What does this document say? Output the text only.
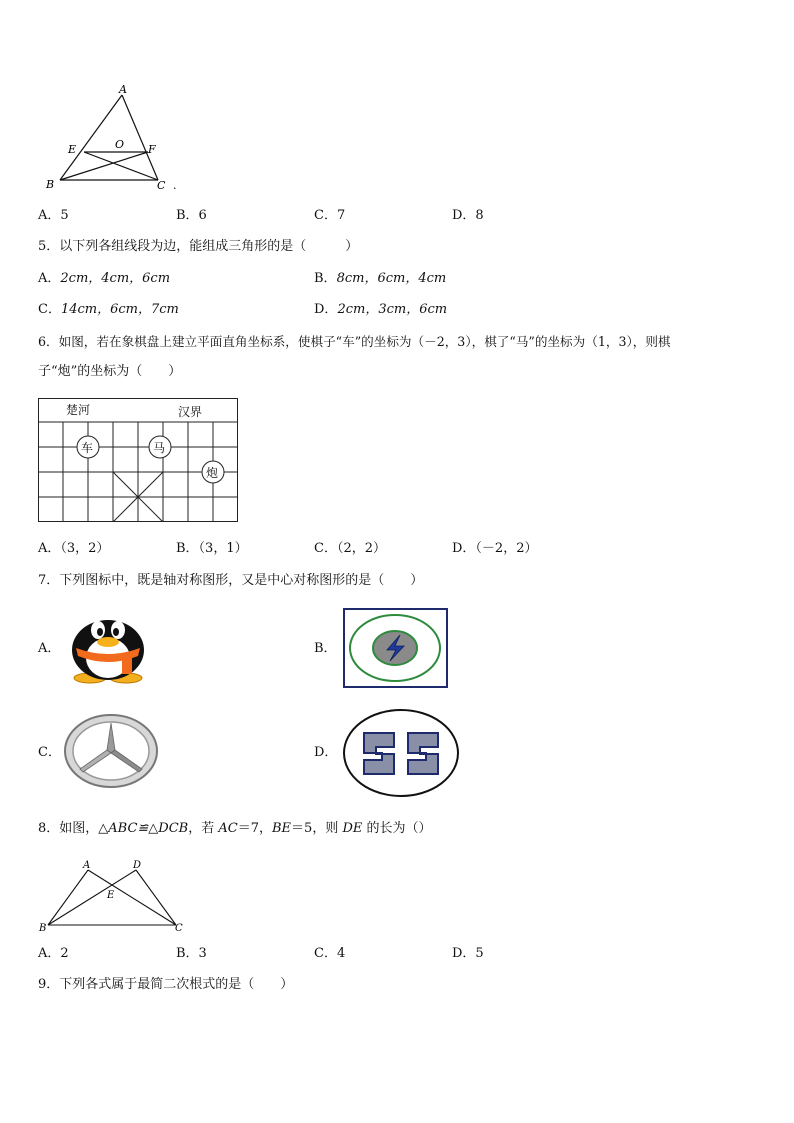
A
E	O F
B	C .
A．5	B．6	C．7	D．8
5．以下列各组线段为边，能组成三角形的是（　　　）
A．2cm，4cm，6cm	B．8cm，6cm，4cm
C．14cm，6cm，7cm	D．2cm，3cm，6cm
6．如图，若在象棋盘上建立平面直角坐标系，使棋子“车”的坐标为（－2，3），棋了“马”的坐标为（1，3），则棋
子“炮”的坐标为（　　）
楚河	汉界
车	马
炮
A．（3，2）	B．（3，1）	C．（2，2）	D．（－2，2）
7．下列图标中，既是轴对称图形，又是中心对称图形的是（　　）
A．	B．
C．	D．
8．如图，△ABC≌△DCB，若 AC＝7，BE＝5，则 DE 的长为（）
A	D
E
B	C
A．2	B．3	C．4	D．5
9．下列各式属于最简二次根式的是（　　）
